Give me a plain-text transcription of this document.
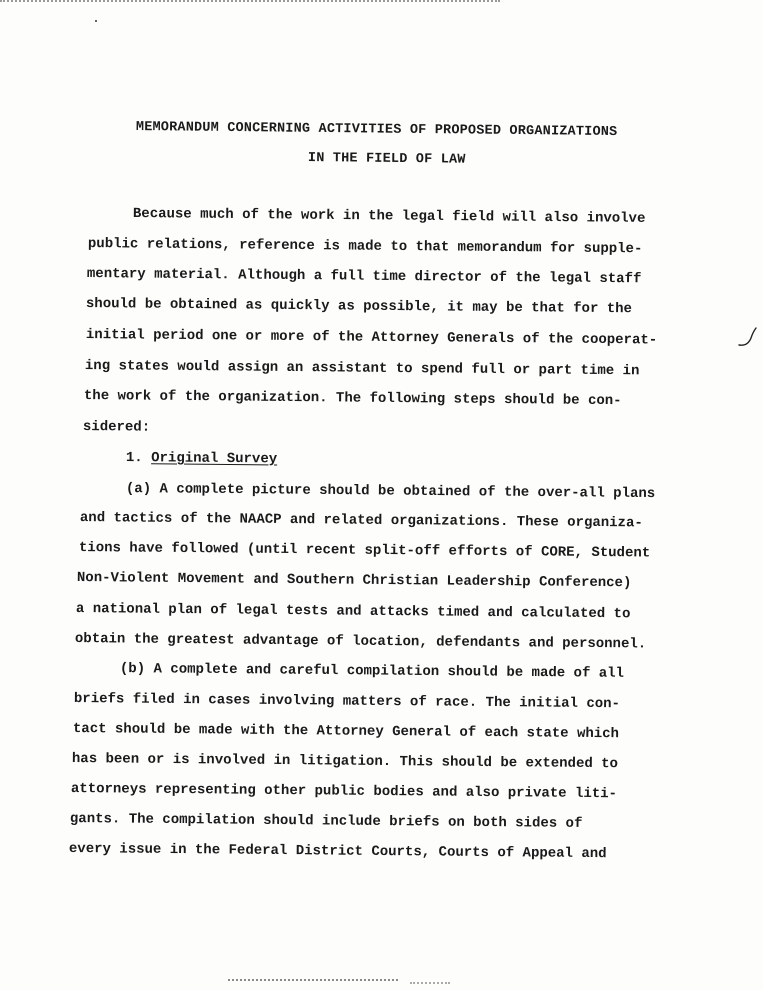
MEMORANDUM CONCERNING ACTIVITIES OF PROPOSED ORGANIZATIONS
IN THE FIELD OF LAW
Because much of the work in the legal field will also involve
public relations, reference is made to that memorandum for supple-
mentary material. Although a full time director of the legal staff
should be obtained as quickly as possible, it may be that for the
initial period one or more of the Attorney Generals of the cooperat-
ing states would assign an assistant to spend full or part time in
the work of the organization. The following steps should be con-
sidered:
1. Original Survey
(a) A complete picture should be obtained of the over-all plans
and tactics of the NAACP and related organizations. These organiza-
tions have followed (until recent split-off efforts of CORE, Student
Non-Violent Movement and Southern Christian Leadership Conference)
a national plan of legal tests and attacks timed and calculated to
obtain the greatest advantage of location, defendants and personnel.
(b) A complete and careful compilation should be made of all
briefs filed in cases involving matters of race. The initial con-
tact should be made with the Attorney General of each state which
has been or is involved in litigation. This should be extended to
attorneys representing other public bodies and also private liti-
gants. The compilation should include briefs on both sides of
every issue in the Federal District Courts, Courts of Appeal and
